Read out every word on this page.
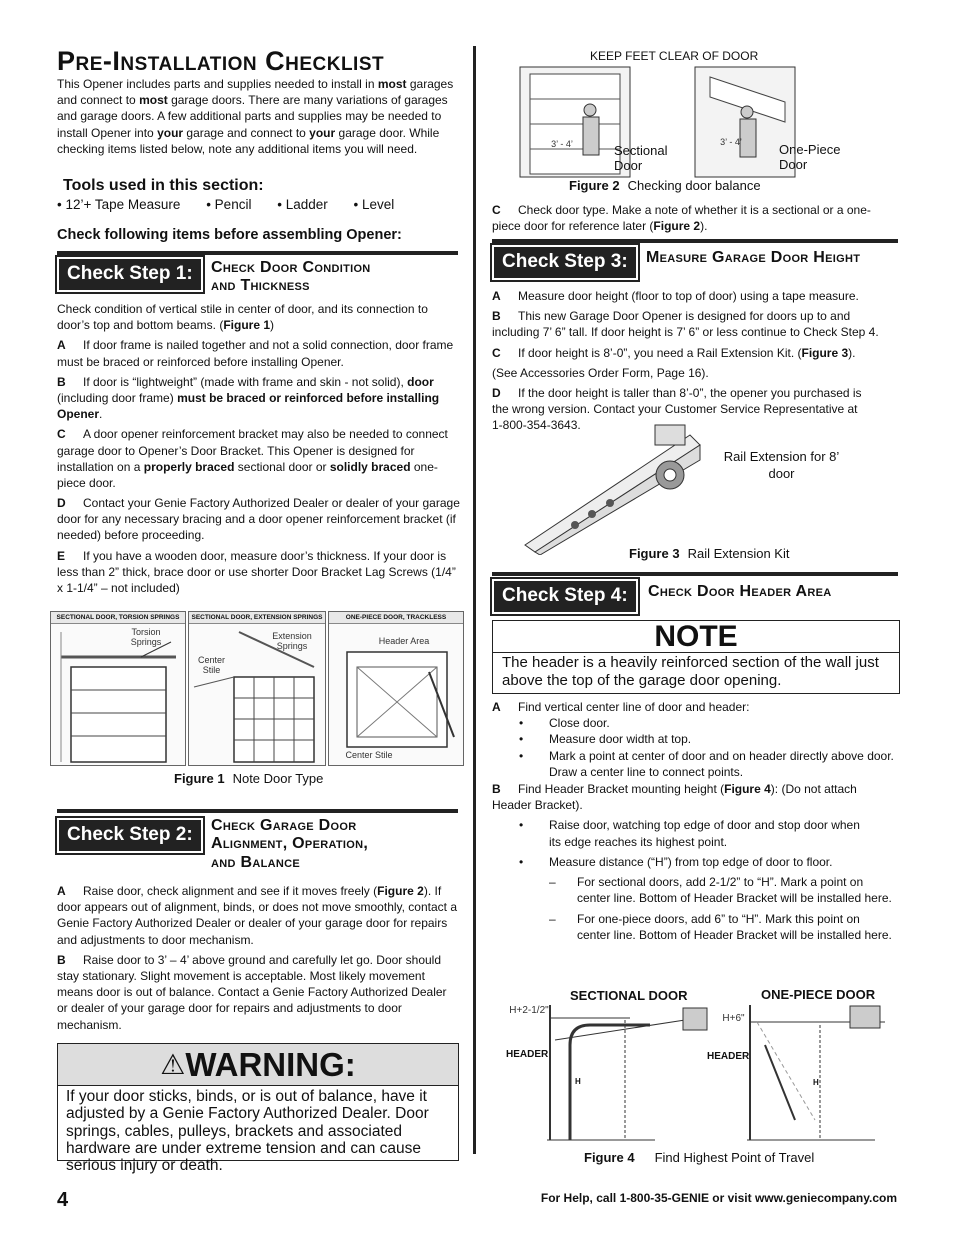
Pre-Installation Checklist

This Opener includes parts and supplies needed to install in most garages and connect to most garage doors. There are many variations of garages and garage doors. A few additional parts and supplies may be needed to install Opener into your garage and connect to your garage door. While checking items listed below, note any additional items you will need.

Tools used in this section:
• 12’+ Tape Measure • Pencil • Ladder • Level
Check following items before assembling Opener:
Check Step 1:	Check Door Condition
and Thickness

Check condition of vertical stile in center of door, and its connection to door’s top and bottom beams. (Figure 1)

A If door frame is nailed together and not a solid connection, door frame must be braced or reinforced before installing Opener.

B If door is “lightweight” (made with frame and skin - not solid), door (including door frame) must be braced or reinforced before installing Opener.

C A door opener reinforcement bracket may also be needed to connect garage door to Opener’s Door Bracket. This Opener is designed for installation on a properly braced sectional door or solidly braced one-piece door.

D Contact your Genie Factory Authorized Dealer or dealer of your garage door for any necessary bracing and a door opener reinforcement bracket (if needed) before proceeding.

E If you have a wooden door, measure door’s thickness. If your door is less than 2” thick, brace door or use shorter Door Bracket Lag Screws (1/4” x 1-1/4” – not included)

SECTIONAL DOOR, TORSION SPRINGS
Torsion Springs
SECTIONAL DOOR, EXTENSION SPRINGS
Extension Springs
Center Stile
ONE-PIECE DOOR, TRACKLESS
Header Area
Center Stile
Figure 1 Note Door Type
Check Step 2:	Check Garage Door
Alignment, Operation,
and Balance

A Raise door, check alignment and see if it moves freely (Figure 2). If door appears out of alignment, binds, or does not move smoothly, contact a Genie Factory Authorized Dealer or dealer of your garage door for repairs and adjustments to door mechanism.

B Raise door to 3’ – 4’ above ground and carefully let go. Door should stay stationary. Slight movement is acceptable. Most likely movement means door is out of balance. Contact a Genie Factory Authorized Dealer or dealer of your garage door for repairs and adjustments to door mechanism.

⚠WARNING:
If your door sticks, binds, or is out of balance, have it adjusted by a Genie Factory Authorized Dealer. Door springs, cables, pulleys, brackets and associated hardware are under extreme tension and can cause serious injury or death.
KEEP FEET CLEAR OF DOOR
3’ - 4’	3’ - 4’
Sectional Door
One-Piece Door
Figure 2 Checking door balance

C Check door type. Make a note of whether it is a sectional or a one-piece door for reference later (Figure 2).

Check Step 3:	Measure Garage Door Height

A Measure door height (floor to top of door) using a tape measure.

B This new Garage Door Opener is designed for doors up to and including 7’ 6” tall. If door height is 7’ 6” or less continue to Check Step 4.

C If door height is 8’-0”, you need a Rail Extension Kit. (Figure 3).

(See Accessories Order Form, Page 16).

D If the door height is taller than 8’-0”, the opener you purchased is the wrong version. Contact your Customer Service Representative at 1-800-354-3643.

Rail Extension for 8’ door
Figure 3 Rail Extension Kit
Check Step 4:	Check Door Header Area
NOTE
The header is a heavily reinforced section of the wall just above the top of the garage door opening.

A Find vertical center line of door and header:

• Close door.
• Measure door width at top.
• Mark a point at center of door and on header directly above door. Draw a center line to connect points.

B Find Header Bracket mounting height (Figure 4): (Do not attach Header Bracket).

• Raise door, watching top edge of door and stop door when its edge reaches its highest point.
• Measure distance (“H”) from top edge of door to floor.
– For sectional doors, add 2-1/2” to “H”. Mark a point on center line. Bottom of Header Bracket will be installed here.
– For one-piece doors, add 6” to “H”. Mark this point on center line. Bottom of Header Bracket will be installed here.
SECTIONAL DOOR	ONE-PIECE DOOR
H+2-1/2"
H+6"
HEADER	HEADER
H	H
Figure 4 Find Highest Point of Travel
4	For Help, call 1-800-35-GENIE or visit www.geniecompany.com
